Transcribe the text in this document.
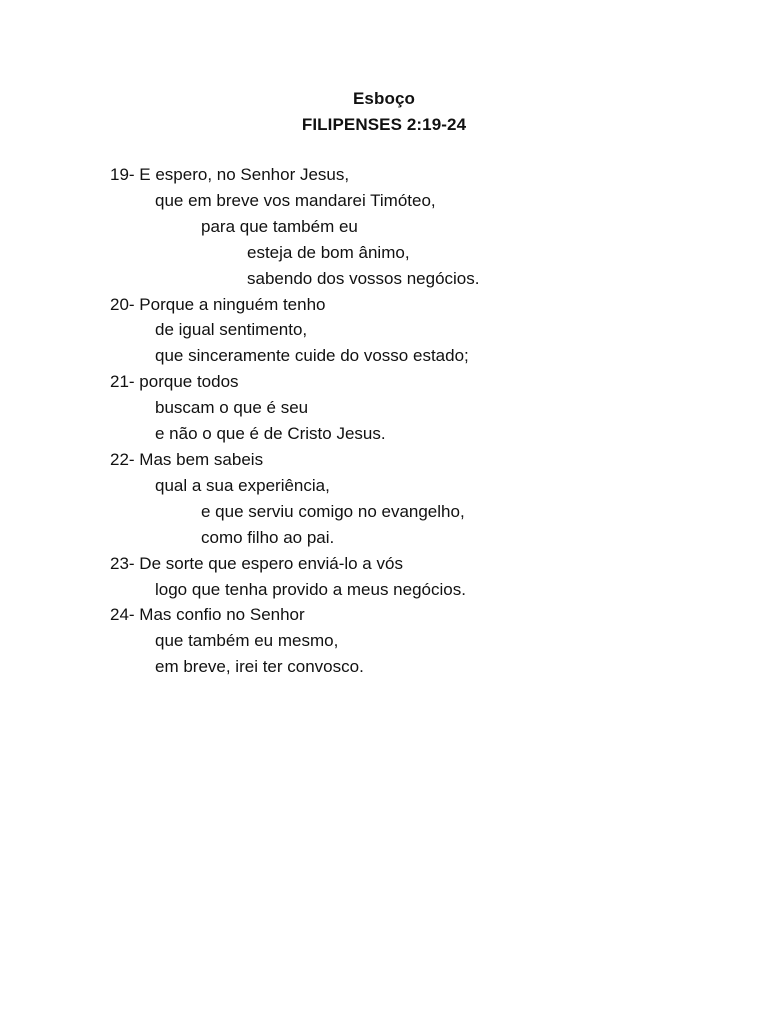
Esboço
FILIPENSES 2:19-24
19- E espero, no Senhor Jesus,
que em breve vos mandarei Timóteo,
para que também eu
esteja de bom ânimo,
sabendo dos vossos negócios.
20- Porque a ninguém tenho
de igual sentimento,
que sinceramente cuide do vosso estado;
21- porque todos
buscam o que é seu
e não o que é de Cristo Jesus.
22- Mas bem sabeis
qual a sua experiência,
e que serviu comigo no evangelho,
como filho ao pai.
23- De sorte que espero enviá-lo a vós
logo que tenha provido a meus negócios.
24- Mas confio no Senhor
que também eu mesmo,
em breve, irei ter convosco.
